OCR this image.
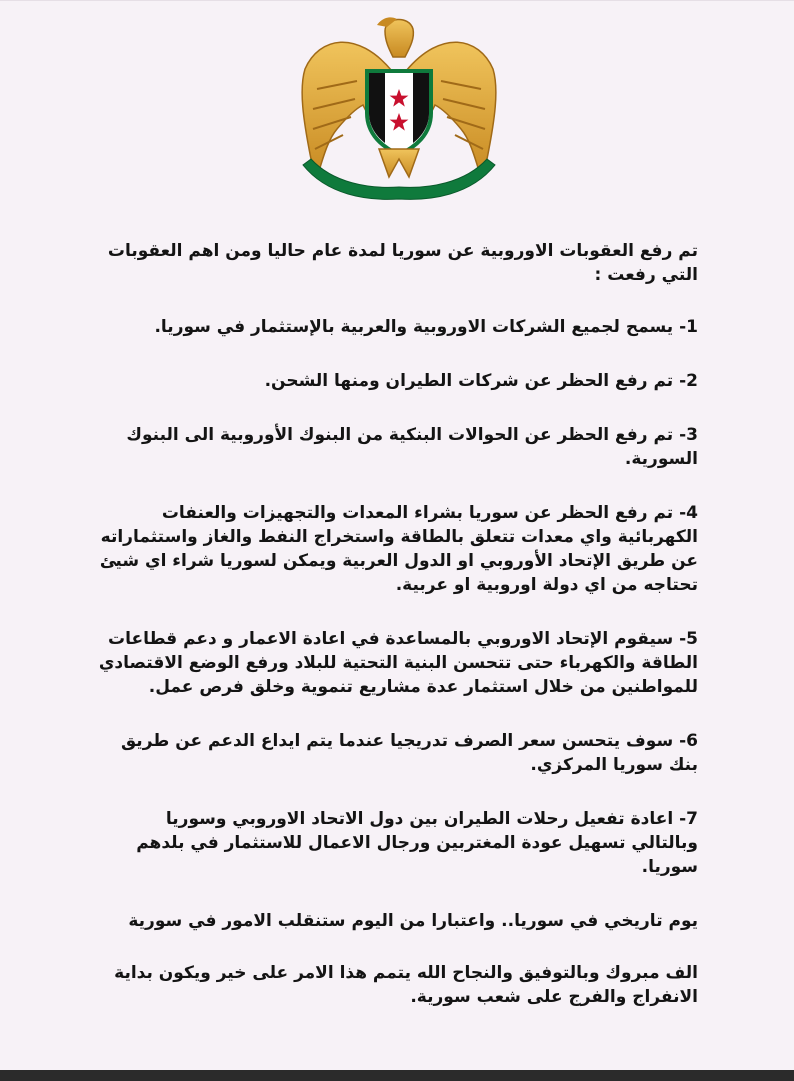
تم رفع العقوبات الاوروبية عن سوريا لمدة عام حاليا ومن اهم العقوبات التي رفعت :

1- يسمح لجميع الشركات الاوروبية والعربية بالإستثمار في سوريا.

2- تم رفع الحظر عن شركات الطيران ومنها الشحن.

3- تم رفع الحظر عن الحوالات البنكية من البنوك الأوروبية الى البنوك السورية.

4- تم رفع الحظر عن سوريا بشراء المعدات والتجهيزات والعنفات الكهربائية واي معدات تتعلق بالطاقة واستخراج النفط والغاز واستثماراته عن طريق الإتحاد الأوروبي او الدول العربية ويمكن لسوريا شراء اي شيئ تحتاجه من اي دولة اوروبية او عربية.

5- سيقوم الإتحاد الاوروبي بالمساعدة في اعادة الاعمار و دعم قطاعات الطاقة والكهرباء حتى تتحسن البنية التحتية للبلاد ورفع الوضع الاقتصادي للمواطنين من خلال استثمار عدة مشاريع تنموية وخلق فرص عمل.

6- سوف يتحسن سعر الصرف تدريجيا عندما يتم ايداع الدعم عن طريق بنك سوريا المركزي.

7- اعادة تفعيل رحلات الطيران بين دول الاتحاد الاوروبي وسوريا وبالتالي تسهيل عودة المغتربين ورجال الاعمال للاستثمار في بلدهم سوريا.

يوم تاريخي في سوريا.. واعتبارا من اليوم ستنقلب الامور في سورية

الف مبروك وبالتوفيق والنجاح الله يتمم هذا الامر على خير ويكون بداية الانفراج والفرج على شعب سورية.
